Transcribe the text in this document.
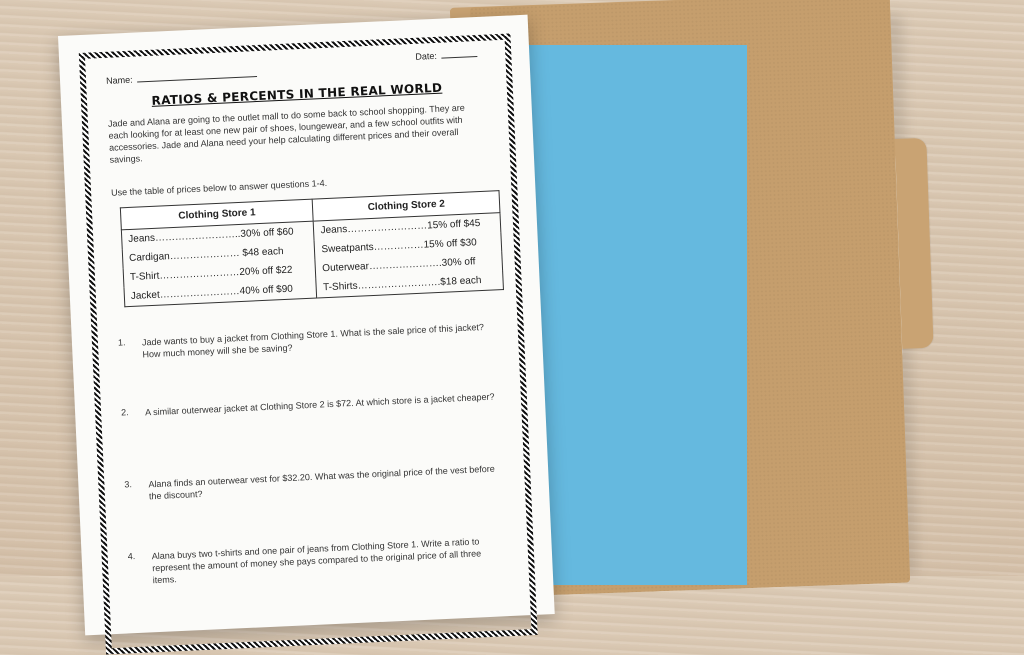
Date:
Name:
RATIOS & PERCENTS IN THE REAL WORLD
Jade and Alana are going to the outlet mall to do some back to school shopping. They are each looking for at least one new pair of shoes, loungewear, and a few school outfits with accessories. Jade and Alana need your help calculating different prices and their overall savings.
Use the table of prices below to answer questions 1-4.
Clothing Store 1	Clothing Store 2
Jeans……………………..30% off $60	Jeans……………………15% off $45
Cardigan………………… $48 each	Sweatpants……………15% off $30
T-Shirt……………………20% off $22	Outerwear………………….30% off
Jacket……………………40% off $90	T-Shirts…………………….$18 each
1.	Jade wants to buy a jacket from Clothing Store 1. What is the sale price of this jacket? How much money will she be saving?
2.	A similar outerwear jacket at Clothing Store 2 is $72. At which store is a jacket cheaper?
3.	Alana finds an outerwear vest for $32.20. What was the original price of the vest before the discount?
4.	Alana buys two t-shirts and one pair of jeans from Clothing Store 1. Write a ratio to represent the amount of money she pays compared to the original price of all three items.
